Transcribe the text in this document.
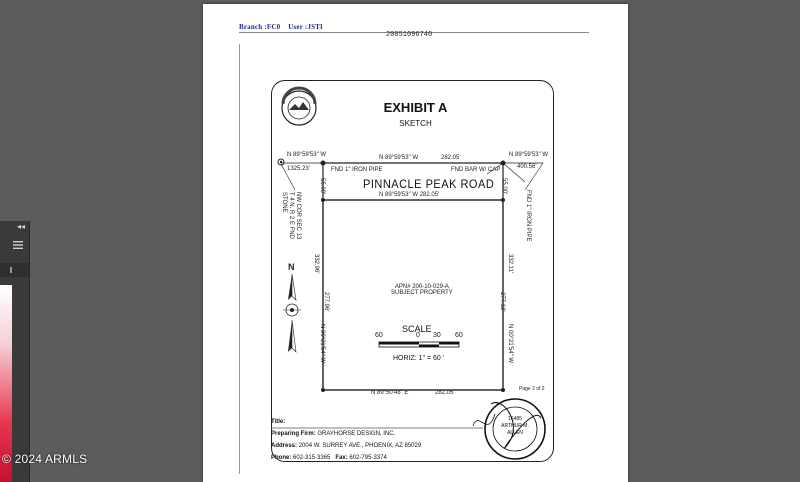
◂◂
Branch :FC0 User :JSTI
20051096740
EXHIBIT A
SKETCH
N 89°59'53" W
1325.23'
N 89°59'53" W	282.05'	N 89°59'53" W
400.56'
FND 1" IRON PIPE	FND BAR W/ CAP
PINNACLE PEAK ROAD
N 89°59'53" W 282.05'
55.00'	55.00'
FND 1" IRON PIPE
NW COR SEC 13 T 4 N, R 2 E FND STONE
332.96'
277.96'
N 00°21'54" W
332.11'
277.12'
N 00°21'54" W
N 89°50'48" E	282.05'
N
APN# 200-10-029-A
SUBJECT PROPERTY
SCALE
60	0 30 60
HORIZ: 1" = 60 '
Page 2 of 2
Title:
Preparing Firm: GRAYHORSE DESIGN, INC.
Address: 2004 W. SURREY AVE., PHOENIX, AZ 85029
Phone: 602-315-3365 Fax: 602-795-3374
16485
ARTHUR M.
ALLEN
© 2024 ARMLS
